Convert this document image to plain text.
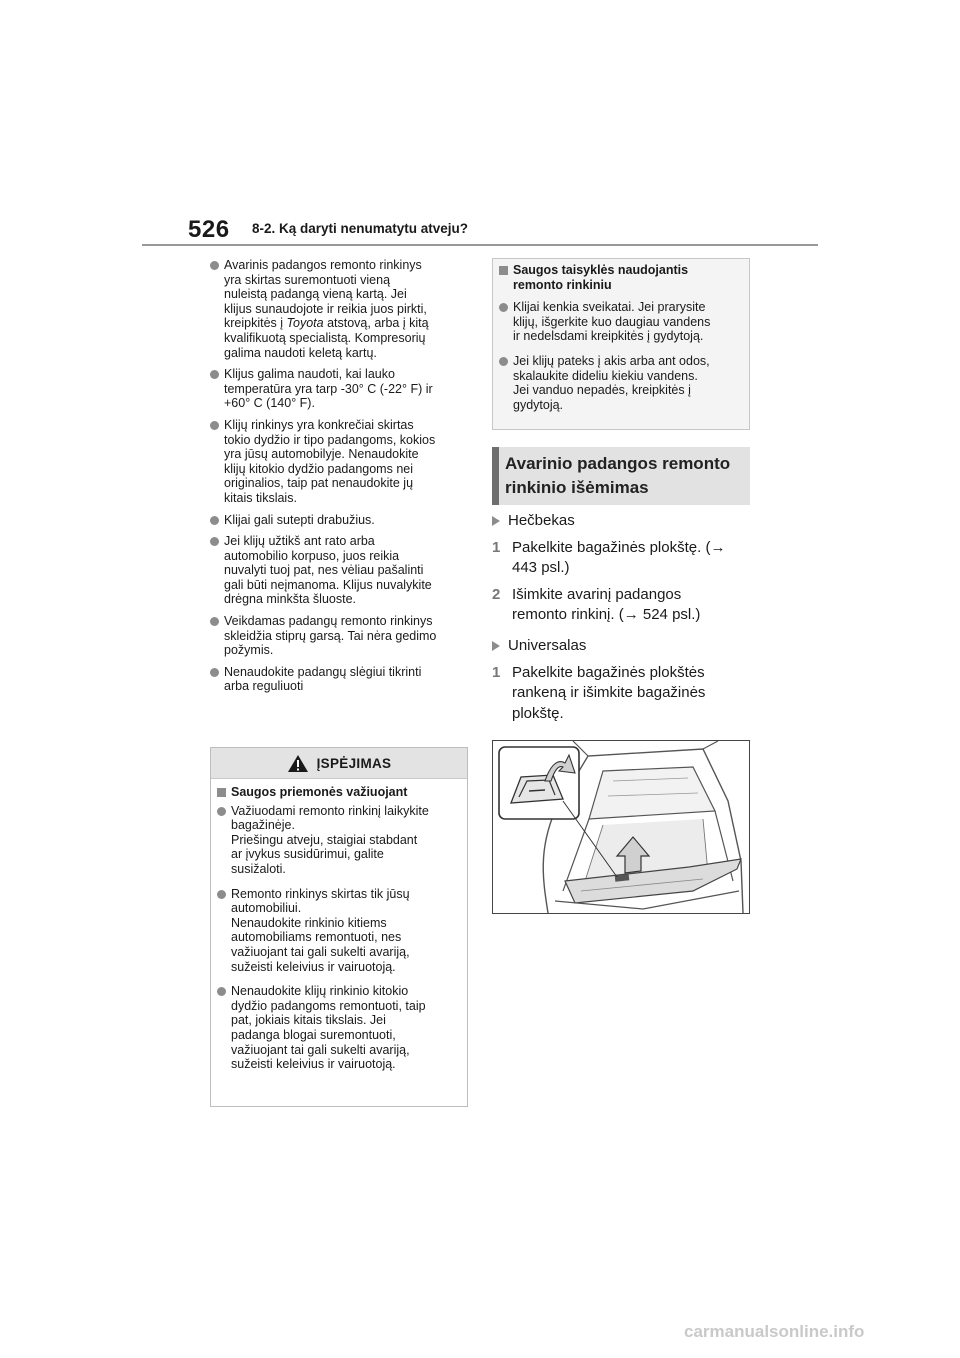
526 8-2. Ką daryti nenumatytu atveju?
Avarinis padangos remonto rinkinys
yra skirtas suremontuoti vieną
nuleistą padangą vieną kartą. Jei
klijus sunaudojote ir reikia juos pirkti,
kreipkitės į Toyota atstovą, arba į kitą
kvalifikuotą specialistą. Kompresorių
galima naudoti keletą kartų.
Klijus galima naudoti, kai lauko
temperatūra yra tarp -30° C (-22° F) ir
+60° C (140° F).
Klijų rinkinys yra konkrečiai skirtas
tokio dydžio ir tipo padangoms, kokios
yra jūsų automobilyje. Nenaudokite
klijų kitokio dydžio padangoms nei
originalios, taip pat nenaudokite jų
kitais tikslais.
Klijai gali sutepti drabužius.
Jei klijų užtikš ant rato arba
automobilio korpuso, juos reikia
nuvalyti tuoj pat, nes vėliau pašalinti
gali būti neįmanoma. Klijus nuvalykite
drėgna minkšta šluoste.
Veikdamas padangų remonto rinkinys
skleidžia stiprų garsą. Tai nėra gedimo
požymis.
Nenaudokite padangų slėgiui tikrinti
arba reguliuoti
ĮSPĖJIMAS
Saugos priemonės važiuojant
Važiuodami remonto rinkinį laikykite
bagažinėje.
Priešingu atveju, staigiai stabdant
ar įvykus susidūrimui, galite
susižaloti.
Remonto rinkinys skirtas tik jūsų
automobiliui.
Nenaudokite rinkinio kitiems
automobiliams remontuoti, nes
važiuojant tai gali sukelti avariją,
sužeisti keleivius ir vairuotoją.
Nenaudokite klijų rinkinio kitokio
dydžio padangoms remontuoti, taip
pat, jokiais kitais tikslais. Jei
padanga blogai suremontuoti,
važiuojant tai gali sukelti avariją,
sužeisti keleivius ir vairuotoją.
Saugos taisyklės naudojantis
remonto rinkiniu
Klijai kenkia sveikatai. Jei prarysite
klijų, išgerkite kuo daugiau vandens
ir nedelsdami kreipkitės į gydytoją.
Jei klijų pateks į akis arba ant odos,
skalaukite dideliu kiekiu vandens.
Jei vanduo nepadės, kreipkitės į
gydytoją.
Avarinio padangos remonto
rinkinio išėmimas
Hečbekas
1 Pakelkite bagažinės plokštę. (→
443 psl.)
2 Išimkite avarinį padangos
remonto rinkinį. (→ 524 psl.)
Universalas
1 Pakelkite bagažinės plokštės
rankeną ir išimkite bagažinės
plokštę.
carmanualsonline.info
